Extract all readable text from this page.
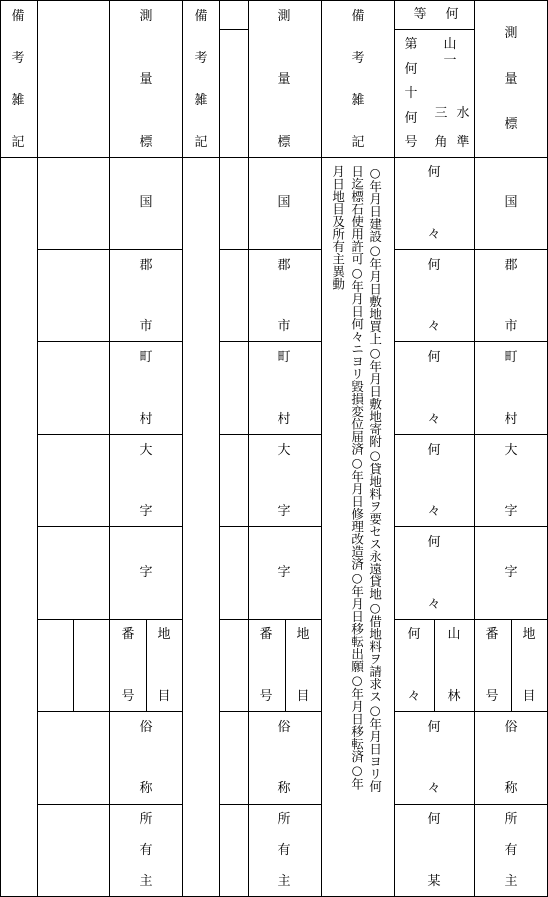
備
考
雑
記
測
量
標
備
考
雑
記
測
量
標
備
考
雑
記
等 何
第
何
十
何
号
山
一
三
角
水
準
測
量
標
国	国
何
々
国
郡
市
郡
市
何
々
郡
市
町
村
町
村
何
々
町
村
大
字
大
字
何
々
大
字
字	字
何
々
字
番
号
地
目
番
号
地
目
何
々
山
林
番
号
地
目
俗
称
俗
称
何
々
俗
称
所
有
主
所
有
主
何
某
所
有
主
○年月日建設○年月日敷地買上○年月日敷地寄附○貸地料ヲ要セス永遠貸地○借地料ヲ請求ス○年月日ヨリ何
日迄標石使用許可○年月日何々ニヨリ毀損変位届済○年月日修理改造済○年月日移転出願○年月日移転済○年
月日地目及所有主異動
